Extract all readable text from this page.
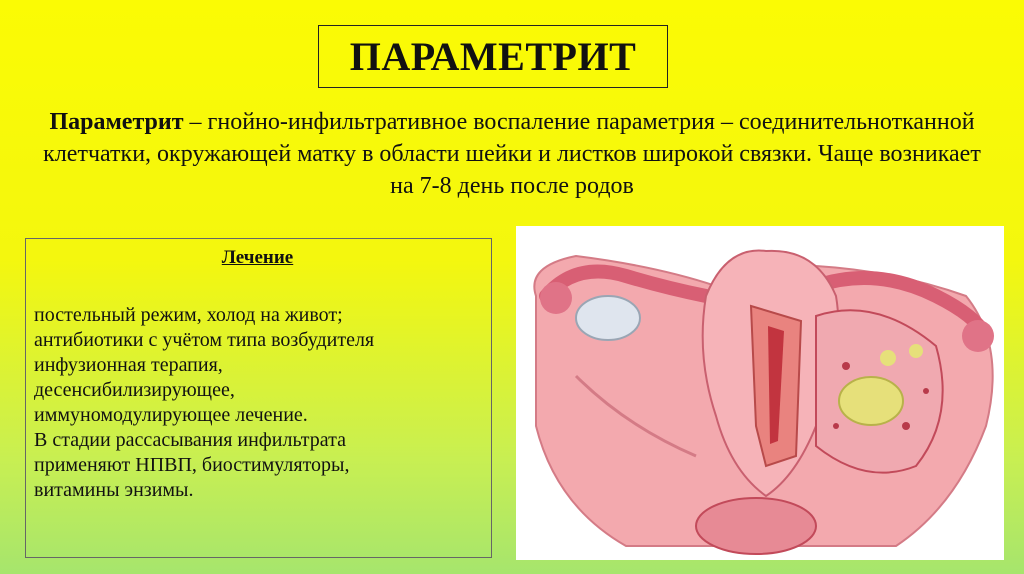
ПАРАМЕТРИТ
Параметрит – гнойно-инфильтративное воспаление параметрия – соединительнотканной клетчатки, окружающей матку в области шейки и листков широкой связки. Чаще возникает на 7-8 день после родов
Лечение
постельный режим, холод на живот;
антибиотики с учётом типа возбудителя
инфузионная терапия,
десенсибилизирующее,
иммуномодулирующее лечение.
В стадии рассасывания инфильтрата
применяют НПВП, биостимуляторы,
витамины энзимы.
